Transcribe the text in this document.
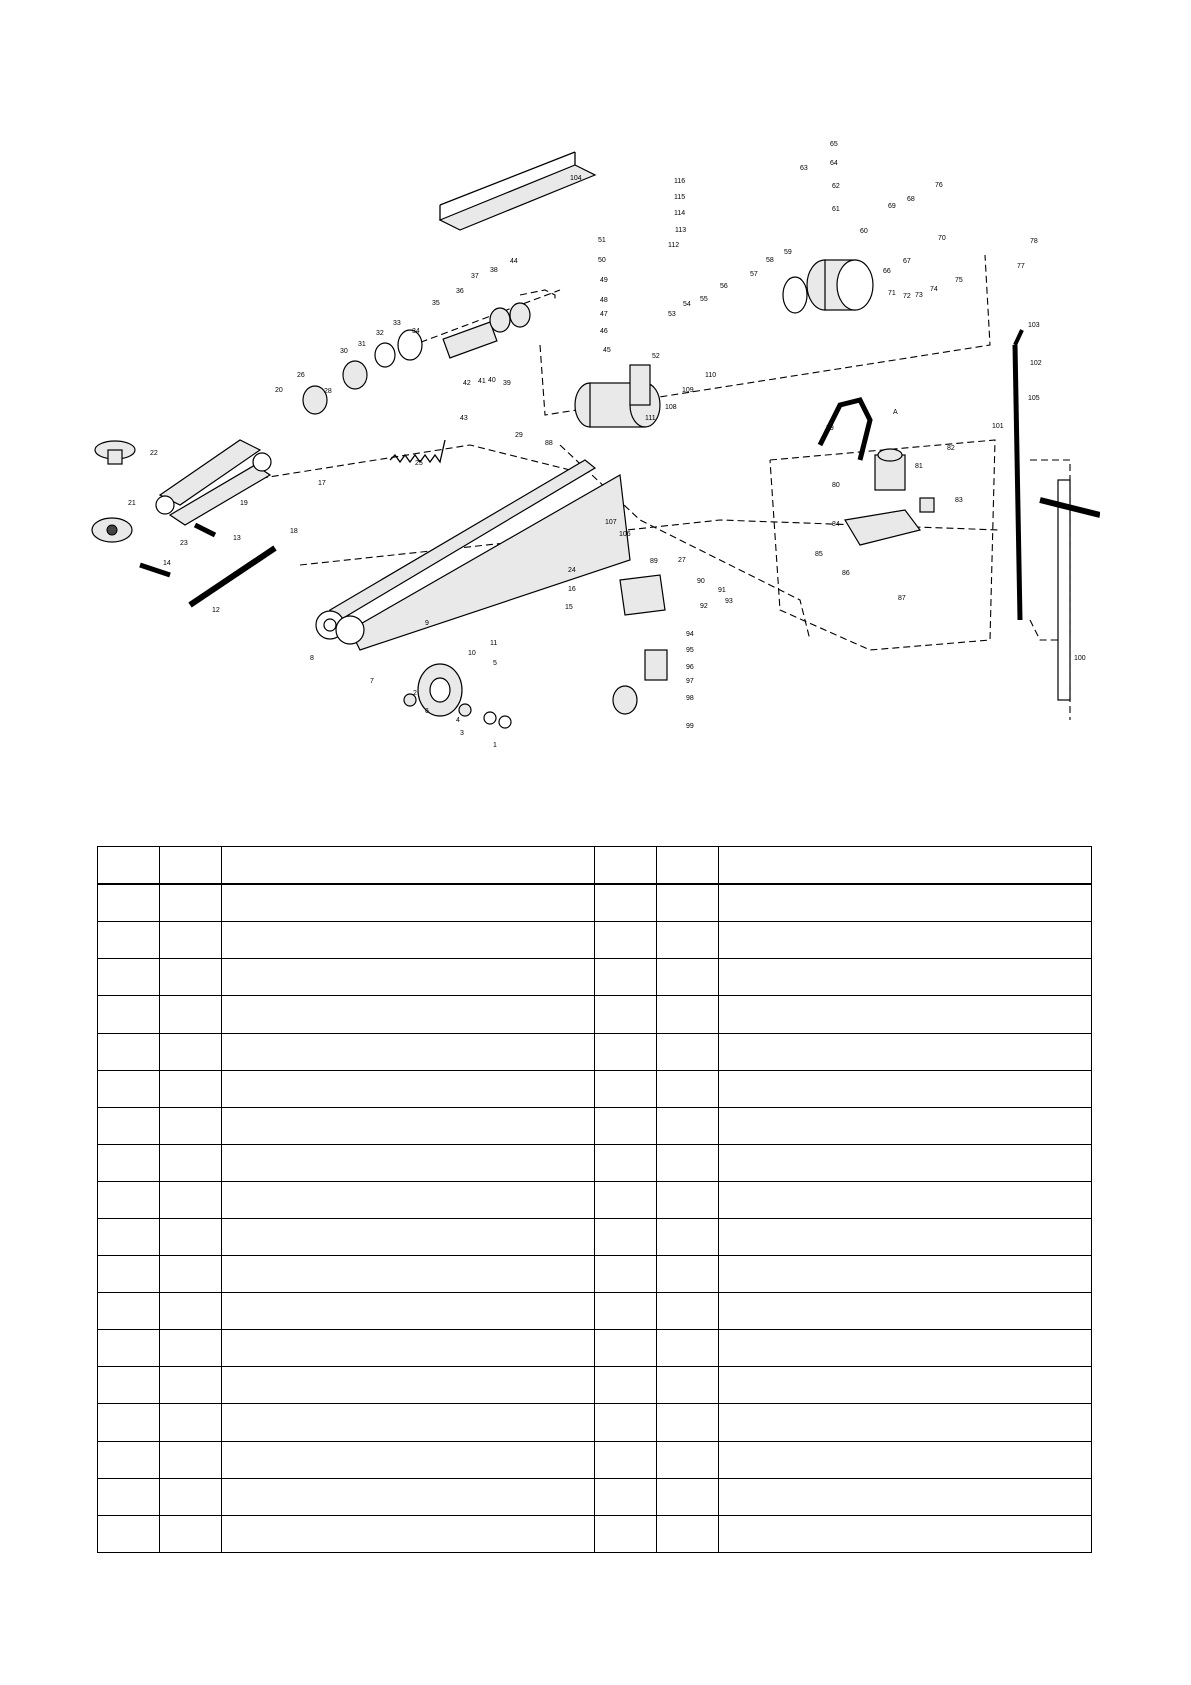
1
2
3
4
5
6
7
8
9
10
11
12
13
14
15
16
17
18
19
20
21
22
23
24
25
26
27
28
29
30
31
32
33
34
35
36
37
38
39
40
41
42
43
44
45
46
47
48
49
50
51
52
53
54
55
56
57
58
59
60
61
62
63
64
65
66
67
68
69
70
71 72 73
74
75
76
77
78
79
80
81
82
83
84
85
86
87
88
89
90
91
92
93
94
95
96
97
98
99
100
101
102
103
104
105
106
107
108
109
110
111
112
113
114
115
116
A
